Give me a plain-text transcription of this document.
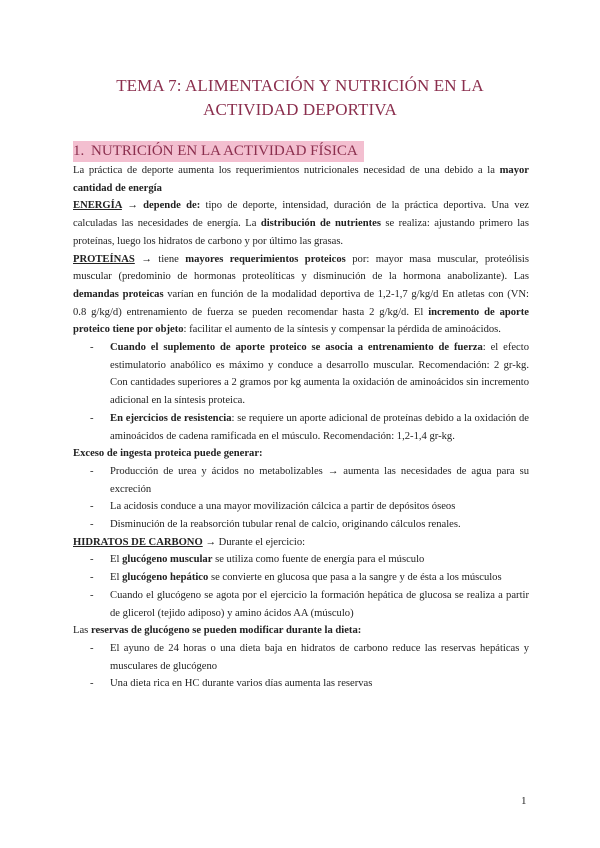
TEMA 7: ALIMENTACIÓN Y NUTRICIÓN EN LA
ACTIVIDAD DEPORTIVA
1. NUTRICIÓN EN LA ACTIVIDAD FÍSICA

La práctica de deporte aumenta los requerimientos nutricionales necesidad de una debido a la mayor cantidad de energía

ENERGÍA → depende de: tipo de deporte, intensidad, duración de la práctica deportiva. Una vez calculadas las necesidades de energía. La distribución de nutrientes se realiza: ajustando primero las proteínas, luego los hidratos de carbono y por último las grasas.

PROTEÍNAS → tiene mayores requerimientos proteicos por: mayor masa muscular, proteólisis muscular (predominio de hormonas proteolíticas y disminución de la hormona anabolizante). Las demandas proteicas varían en función de la modalidad deportiva de 1,2-1,7 g/kg/d En atletas con (VN: 0.8 g/kg/d) entrenamiento de fuerza se pueden recomendar hasta 2 g/kg/d. El incremento de aporte proteico tiene por objeto: facilitar el aumento de la síntesis y compensar la pérdida de aminoácidos.

- Cuando el suplemento de aporte proteico se asocia a entrenamiento de fuerza: el efecto estimulatorio anabólico es máximo y conduce a desarrollo muscular. Recomendación: 2 gr-kg. Con cantidades superiores a 2 gramos por kg aumenta la oxidación de aminoácidos sin incremento adicional en la síntesis proteica.
- En ejercicios de resistencia: se requiere un aporte adicional de proteínas debido a la oxidación de aminoácidos de cadena ramificada en el músculo. Recomendación: 1,2-1,4 gr-kg.

Exceso de ingesta proteica puede generar:

- Producción de urea y ácidos no metabolizables → aumenta las necesidades de agua para su excreción
- La acidosis conduce a una mayor movilización cálcica a partir de depósitos óseos
- Disminución de la reabsorción tubular renal de calcio, originando cálculos renales.

HIDRATOS DE CARBONO → Durante el ejercicio:

- El glucógeno muscular se utiliza como fuente de energía para el músculo
- El glucógeno hepático se convierte en glucosa que pasa a la sangre y de ésta a los músculos
- Cuando el glucógeno se agota por el ejercicio la formación hepática de glucosa se realiza a partir de glicerol (tejido adiposo) y amino ácidos AA (músculo)

Las reservas de glucógeno se pueden modificar durante la dieta:

- El ayuno de 24 horas o una dieta baja en hidratos de carbono reduce las reservas hepáticas y musculares de glucógeno
- Una dieta rica en HC durante varios días aumenta las reservas
1
